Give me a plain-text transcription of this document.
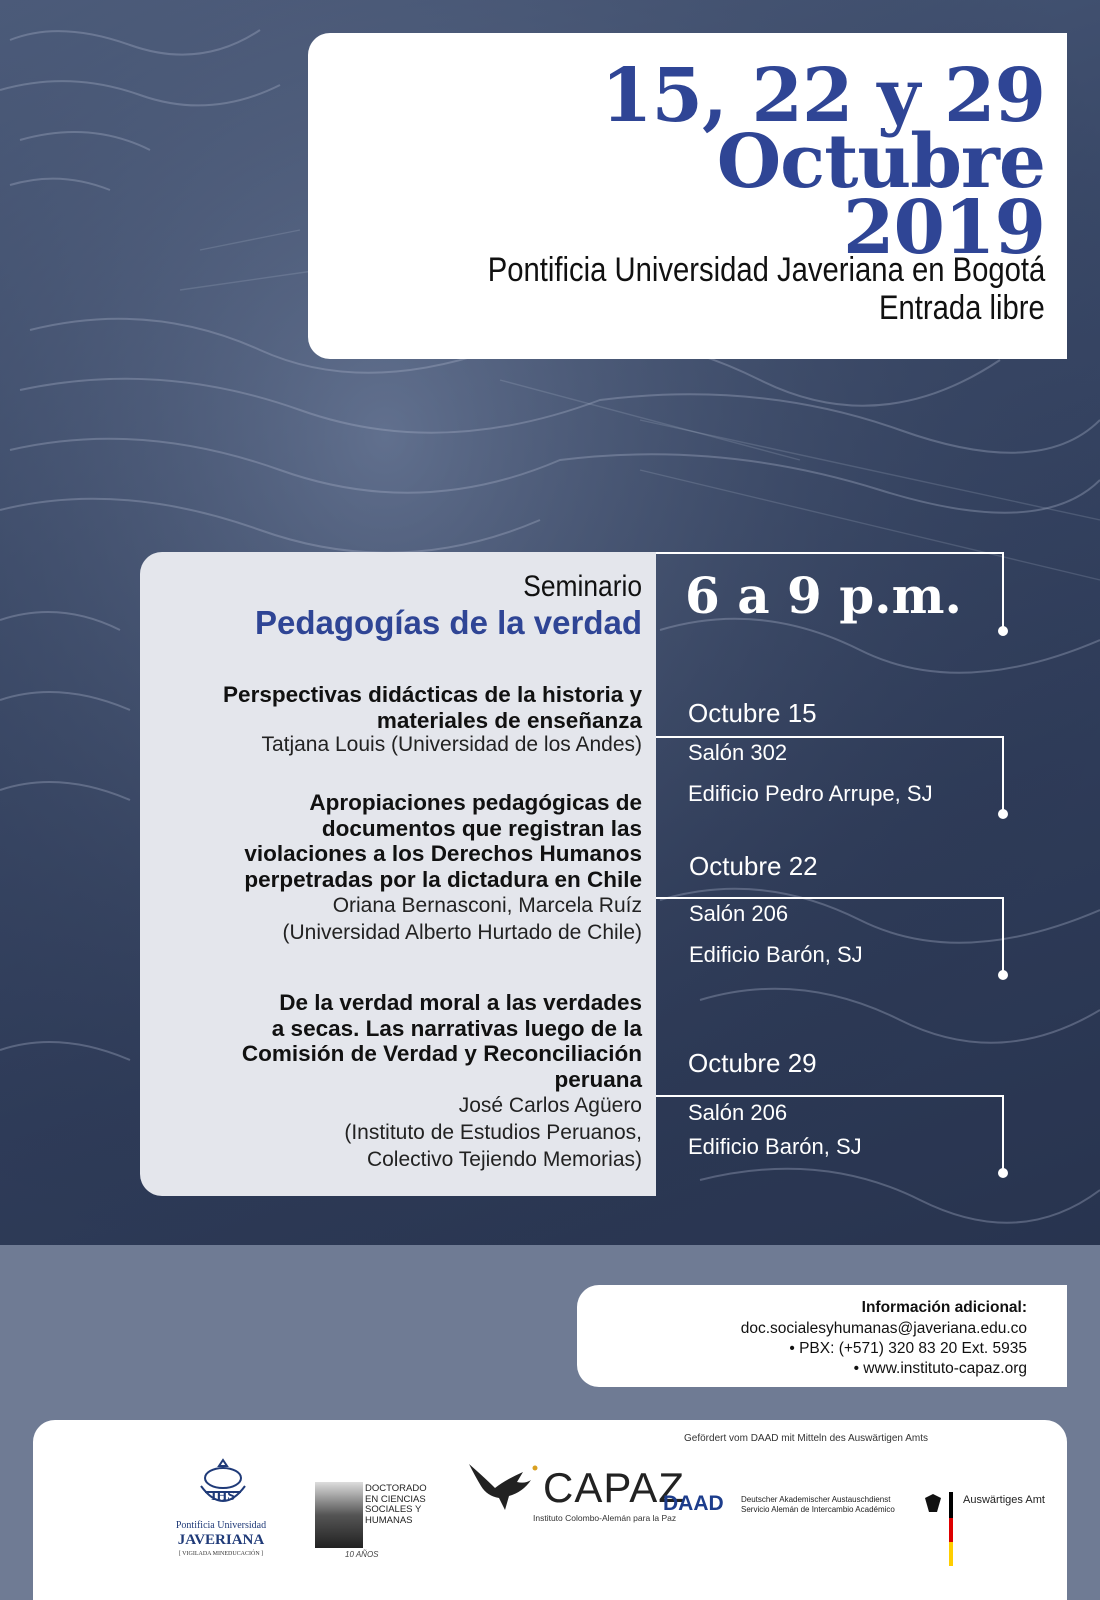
15, 22 y 29
Octubre
2019
Pontificia Universidad Javeriana en Bogotá
Entrada libre
Seminario
Pedagogías de la verdad
Perspectivas didácticas de la historia y
materiales de enseñanza
Tatjana Louis (Universidad de los Andes)
Apropiaciones pedagógicas de
documentos que registran las
violaciones a los Derechos Humanos
perpetradas por la dictadura en Chile
Oriana Bernasconi, Marcela Ruíz
(Universidad Alberto Hurtado de Chile)
De la verdad moral a las verdades
a secas. Las narrativas luego de la
Comisión de Verdad y Reconciliación
peruana
José Carlos Agüero
(Instituto de Estudios Peruanos,
Colectivo Tejiendo Memorias)
6 a 9 p.m.
Octubre 15
Salón 302
Edificio Pedro Arrupe, SJ
Octubre 22
Salón 206
Edificio Barón, SJ
Octubre 29
Salón 206
Edificio Barón, SJ
Información adicional:
doc.socialesyhumanas@javeriana.edu.co
• PBX: (+571) 320 83 20 Ext. 5935
• www.instituto-capaz.org
Gefördert vom DAAD mit Mitteln des Auswärtigen Amts
IHS
Pontificia Universidad
JAVERIANA
[ VIGILADA MINEDUCACIÓN ]
DOCTORADO
EN CIENCIAS
SOCIALES Y
HUMANAS
10 AÑOS
CAPAZ
Instituto Colombo-Alemán para la Paz
DAAD Deutscher Akademischer Austauschdienst
Servicio Alemán de Intercambio Académico
Auswärtiges Amt
